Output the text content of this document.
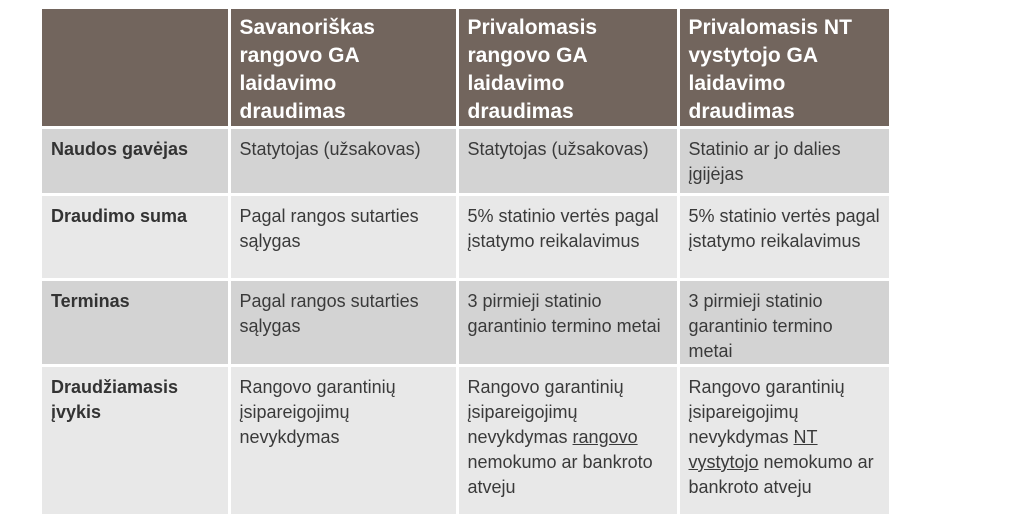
	Savanoriškas rangovo GA laidavimo draudimas	Privalomasis rangovo GA laidavimo draudimas	Privalomasis NT vystytojo GA laidavimo draudimas
Naudos gavėjas	Statytojas (užsakovas)	Statytojas (užsakovas)	Statinio ar jo dalies įgijėjas
Draudimo suma	Pagal rangos sutarties sąlygas	5% statinio vertės pagal įstatymo reikalavimus	5% statinio vertės pagal įstatymo reikalavimus
Terminas	Pagal rangos sutarties sąlygas	3 pirmieji statinio garantinio termino metai	3 pirmieji statinio garantinio termino metai
Draudžiamasis įvykis	Rangovo garantinių įsipareigojimų nevykdymas	Rangovo garantinių įsipareigojimų nevykdymas rangovo nemokumo ar bankroto atveju	Rangovo garantinių įsipareigojimų nevykdymas NT vystytojo nemokumo ar bankroto atveju
